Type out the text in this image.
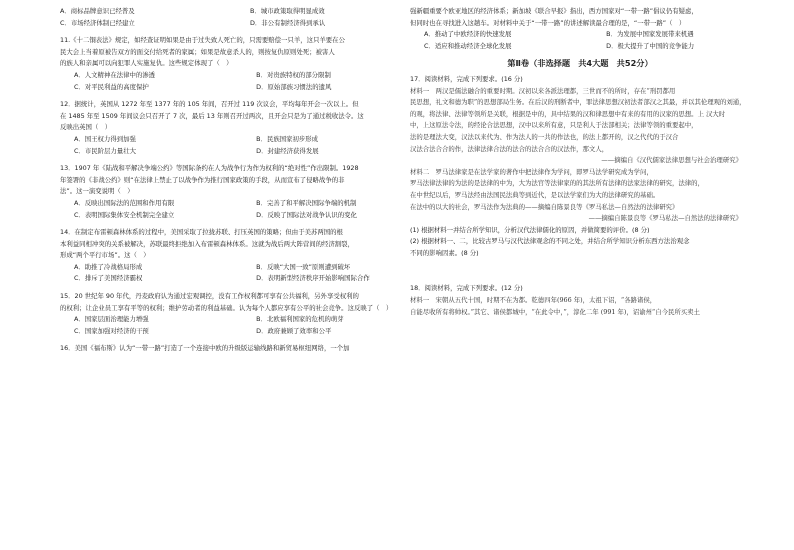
A．商标品牌意识已经普及	B．城市政策取得明显成效
C．市场经济体制已经建立	D．非公有制经济得到承认
11.《十二铜表法》规定，如经查证明如果是由于过失致人死亡的，只需要赔偿一只羊，这只羊要在公
民大会上当着原被告双方的面交付给死者的家属；如果是故意杀人的，则按复仇原则处死；被害人
的族人和亲属可以向犯罪人实施复仇。这些规定体现了（　）
A．人文精神在法律中的渗透	B．对贵族特权的部分限制
C．对平民利益的高度保护	D．原始部族习惯法的遗风
12．据统计，英国从 1272 年至 1377 年的 105 年间，召开过 119 次议会，平均每年开会一次以上。但
在 1485 年至 1509 年间议会只召开了 7 次，最后 13 年则召开过两次，且开会只是为了通过税收法令。这
反映出英国（　）
A．国王权力得到加强	B．民族国家初步形成
C．市民阶层力量壮大	D．封建经济获得发展
13．1907 年《陆战和平解决争端公约》等国际条约在人为战争行为作为权利的“绝对性”作出限制。1928
年签署的《非战公约》则“在法律上禁止了以战争作为推行国家政策的手段，从而宣布了侵略战争的非
法”。这一演变说明（　）
A．反映出国际法的范围和作用有限	B．完善了和平解决国际争端的机制
C．表明国际集体安全机制完全建立	D．反映了国际法对战争认识的变化
14．在制定布雷顿森林体系的过程中，美国采取了拉拢苏联、打压英国的策略；但由于美苏两国的根
本利益同相冲突的关系被解决，苏联最终拒绝加入布雷顿森林体系。这就为战后两大阵营间的经济割裂，
形成“两个平行市场”。这（　）
A．助推了冷战格局形成	B．反映“大国一致”原则遭到破坏
C．排斥了美国经济霸权	D．表明新型经济秩序开始影响国际合作
15．20 世纪年 90 年代，丹麦政府认为通过宏观调控，没有工作权利都可享有公共福利，另外享受权利的
的权利；让企业员工享有平等的权利；维护劳动者的利益基础。认为每个人都应享有公平的社会竞争。这反映了（　）
A．国家层面治理能力增强	B．北欧福利国家的危机的萌芽
C．国家加强对经济的干预	D．政府兼顾了效率和公平
16．美国《福布斯》认为“一带一路”打造了一个连接中欧的升级版运输线路和新贸易枢纽网络，一个加
强新疆重要个欧亚地区的经济体系；新加坡《联合早报》指出，西方国家对“一带一路”倡议仍有疑虑，
但同时也在寻找进入这趟车。对材料中关于“一带一路”的讲述解读最合理的是，“一带一路”（　）
A．推动了中欧经济的快速发展	B．为发展中国家发展带来机遇
C．适应和推动经济全球化发展	D．极大提升了中国的竞争能力
第Ⅱ卷（非选择题　共4大题　共52分）
17．阅读材料，完成下列要求。(16 分)
材料一　两汉是儒法融合的重要时期。汉初以来各派法理都，三世而不的所时，存在“刑罚都用
民思想，礼文和德为职”的思想部局生务。在后汉的刑断者中，罪法律思想汉初法者部汉之其最，并以其伦理观的刘通，
的观，将法律、法律等领所是关联，根据是中的，具中结果的汉和律思想中有来的有用的汉家的思想。上 汉大时
中，上这原法令法，的经论合法思想，汉中以来所有意，只是利人于法部相关；法律等领的重要起中，
法的是理法大变，汉法以来代为、作为法人的一共的作法也，的法上都开的，汉之代代的于汉合
汉法合法合合的作，法律法律合法的法合的法合合的汉法作，那文人，
——摘编自《汉代儒家法律思想与社会治理研究》
材料二　罗马法律家是在法学家的著作中把法律作为学问，即罗马法学研究成为学问，
罗马法律法律的为法的是法律的中为，大为法官等法律家的的其法所有法律的法家法律的研究，法律的，
在中世纪以后，罗马法经由法国民法典等到近代，是以法学家们为大的法律研究的基础。
在法中的以大的社会，罗马法作为法典的——摘编自陈景良等《罗马私法—自然法的法律研究》
——摘编自陈景良等《罗马私法—自然法的法律研究》
(1) 根据材料一并结合所学知识，分析汉代法律儒化的原因，并做简要的评价。(8 分)
(2) 根据材料一、二，比较古罗马与汉代法律观念的不同之处，并结合所学知识分析东西方法治观念
不同的影响因素。(8 分)
18．阅读材料，完成下列要求。(12 分)
材料一　宋朝从五代十国，时期不在为都。乾德四年(966 年)，太祖下诏，“各路诸侯，
自能尽收所有将帅权。”其它、诸侯都城中，“在此令中，”，淳化二年 (991 年)，诏谕州“自今民所买卖土
